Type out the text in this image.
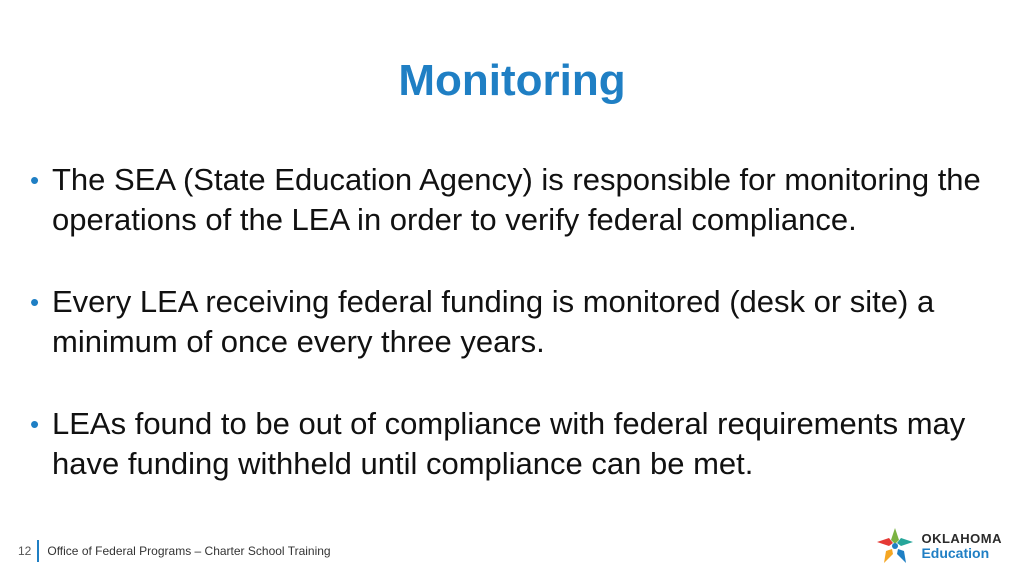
Monitoring
• The SEA (State Education Agency) is responsible for monitoring the operations of the LEA in order to verify federal compliance.
• Every LEA receiving federal funding is monitored (desk or site) a minimum of once every three years.
• LEAs found to be out of compliance with federal requirements may have funding withheld until compliance can be met.
12	Office of Federal Programs – Charter School Training
OKLAHOMA
Education
